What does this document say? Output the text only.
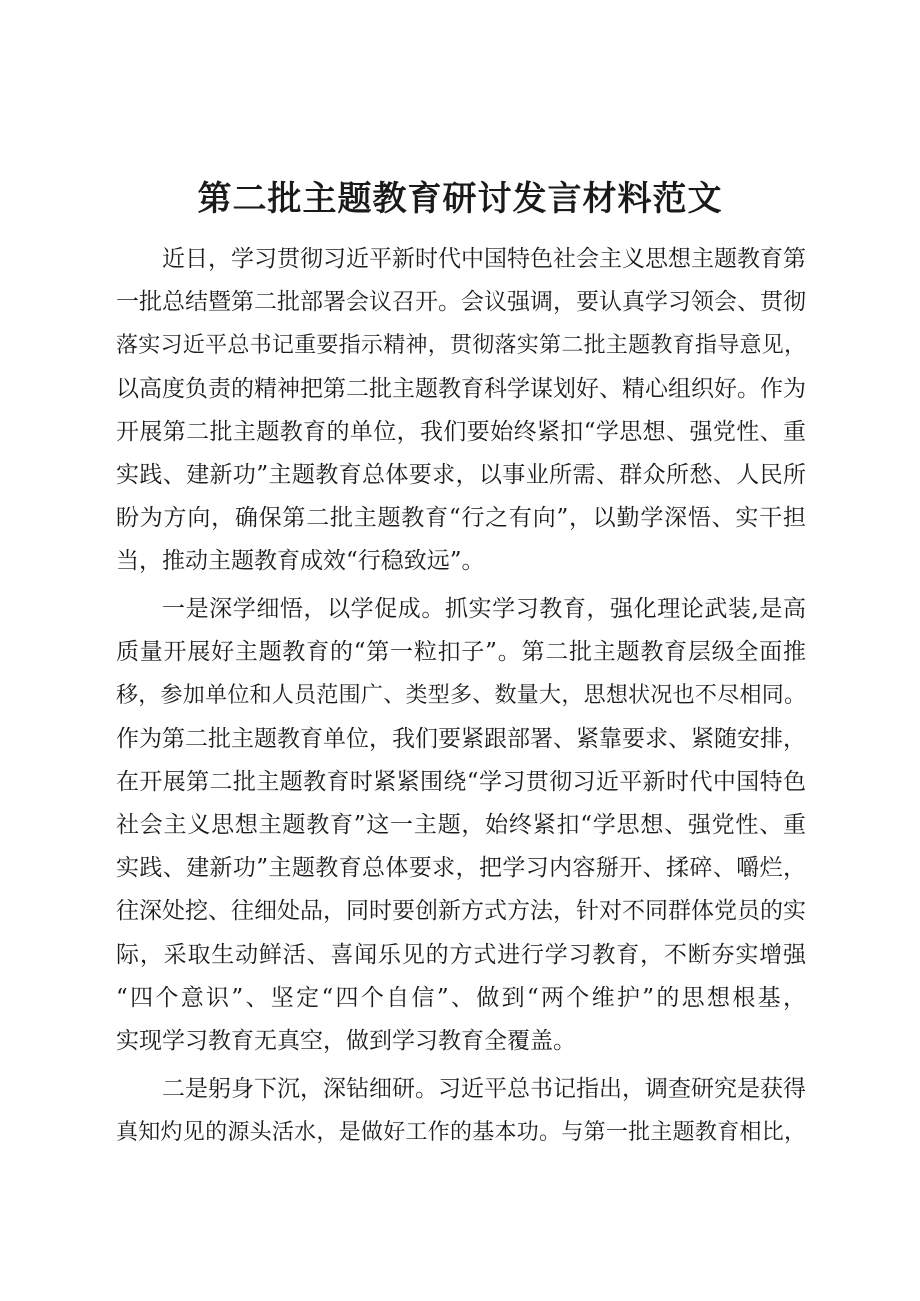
第二批主题教育研讨发言材料范文
近日，学习贯彻习近平新时代中国特色社会主义思想主题教育第
一批总结暨第二批部署会议召开。会议强调，要认真学习领会、贯彻
落实习近平总书记重要指示精神，贯彻落实第二批主题教育指导意见，
以高度负责的精神把第二批主题教育科学谋划好、精心组织好。作为
开展第二批主题教育的单位，我们要始终紧扣“学思想、强党性、重
实践、建新功”主题教育总体要求，以事业所需、群众所愁、人民所
盼为方向，确保第二批主题教育“行之有向”，以勤学深悟、实干担
当，推动主题教育成效“行稳致远”。
一是深学细悟，以学促成。抓实学习教育，强化理论武装,是高
质量开展好主题教育的“第一粒扣子”。第二批主题教育层级全面推
移，参加单位和人员范围广、类型多、数量大，思想状况也不尽相同。
作为第二批主题教育单位，我们要紧跟部署、紧靠要求、紧随安排，
在开展第二批主题教育时紧紧围绕“学习贯彻习近平新时代中国特色
社会主义思想主题教育”这一主题，始终紧扣“学思想、强党性、重
实践、建新功”主题教育总体要求，把学习内容掰开、揉碎、嚼烂，
往深处挖、往细处品，同时要创新方式方法，针对不同群体党员的实
际，采取生动鲜活、喜闻乐见的方式进行学习教育，不断夯实增强
“四个意识”、坚定“四个自信”、做到“两个维护”的思想根基，
实现学习教育无真空，做到学习教育全覆盖。
二是躬身下沉，深钻细研。习近平总书记指出，调查研究是获得
真知灼见的源头活水，是做好工作的基本功。与第一批主题教育相比，
